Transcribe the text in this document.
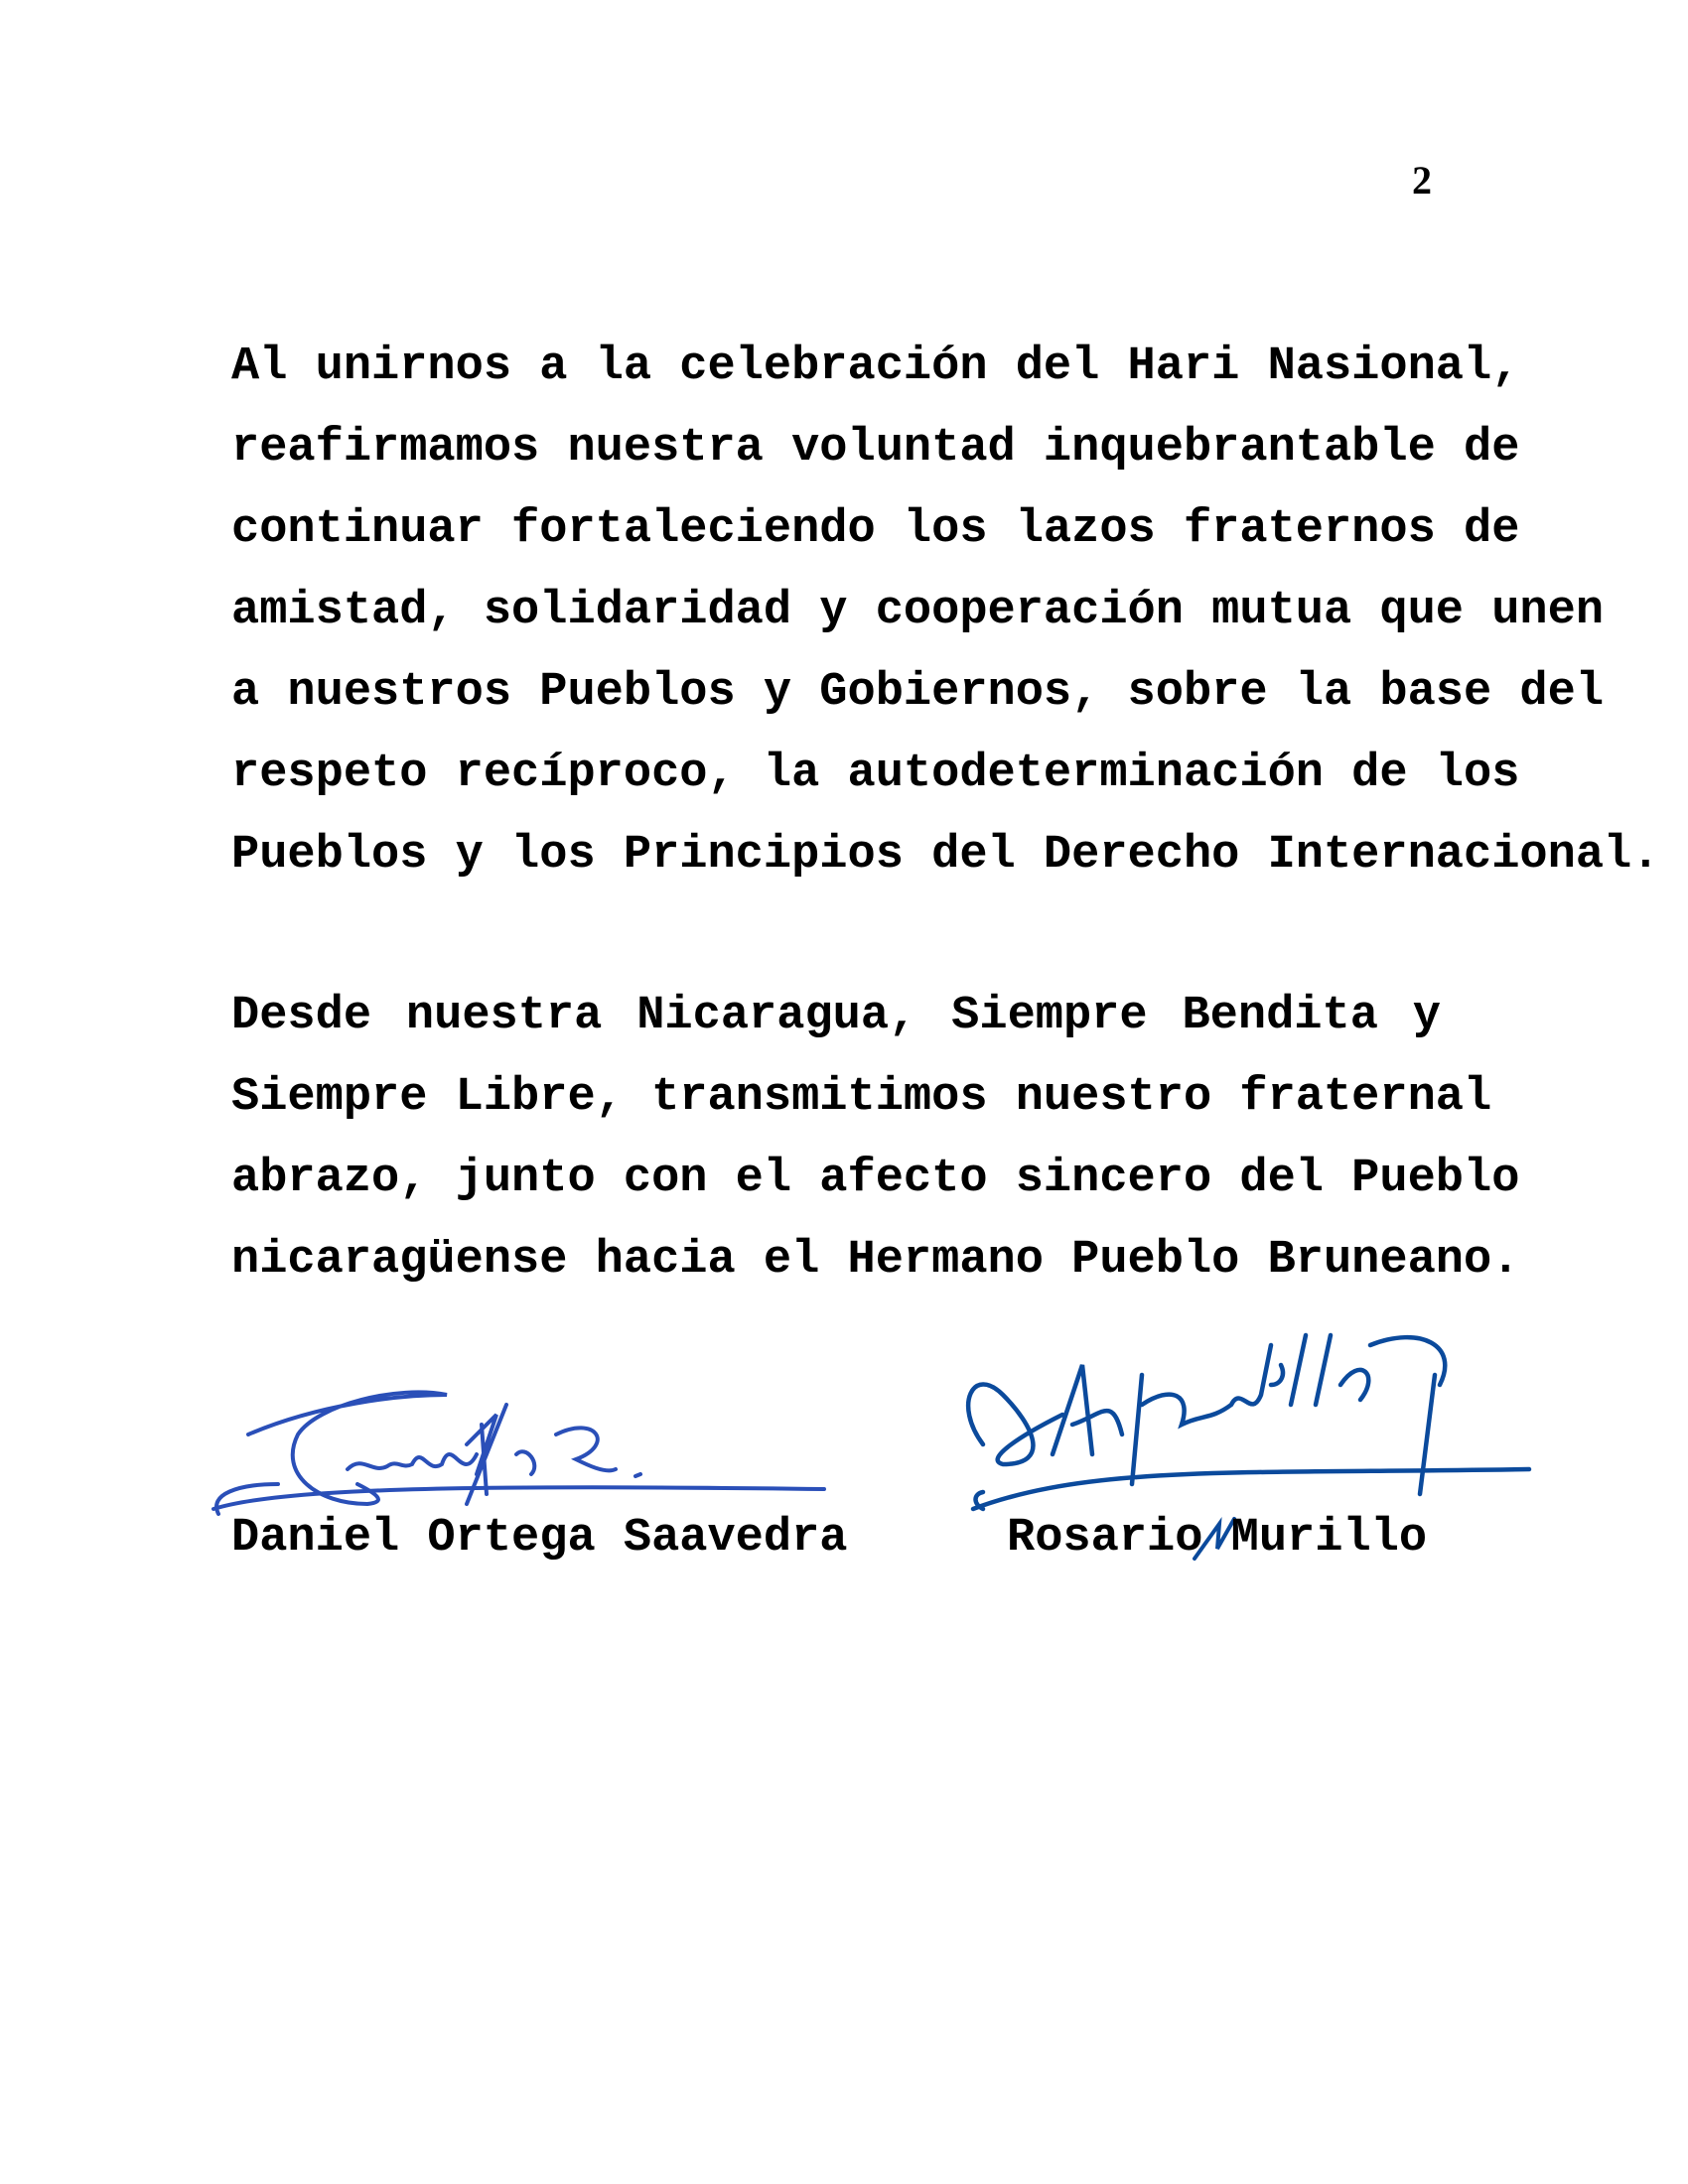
2
Al unirnos a la celebración del Hari Nasional,
reafirmamos nuestra voluntad inquebrantable de
continuar fortaleciendo los lazos fraternos de
amistad, solidaridad y cooperación mutua que unen
a nuestros Pueblos y Gobiernos, sobre la base del
respeto recíproco, la autodeterminación de los
Pueblos y los Principios del Derecho Internacional.
Desde nuestra Nicaragua, Siempre Bendita y
Siempre Libre, transmitimos nuestro fraternal
abrazo, junto con el afecto sincero del Pueblo
nicaragüense hacia el Hermano Pueblo Bruneano.
Daniel Ortega Saavedra	Rosario Murillo
